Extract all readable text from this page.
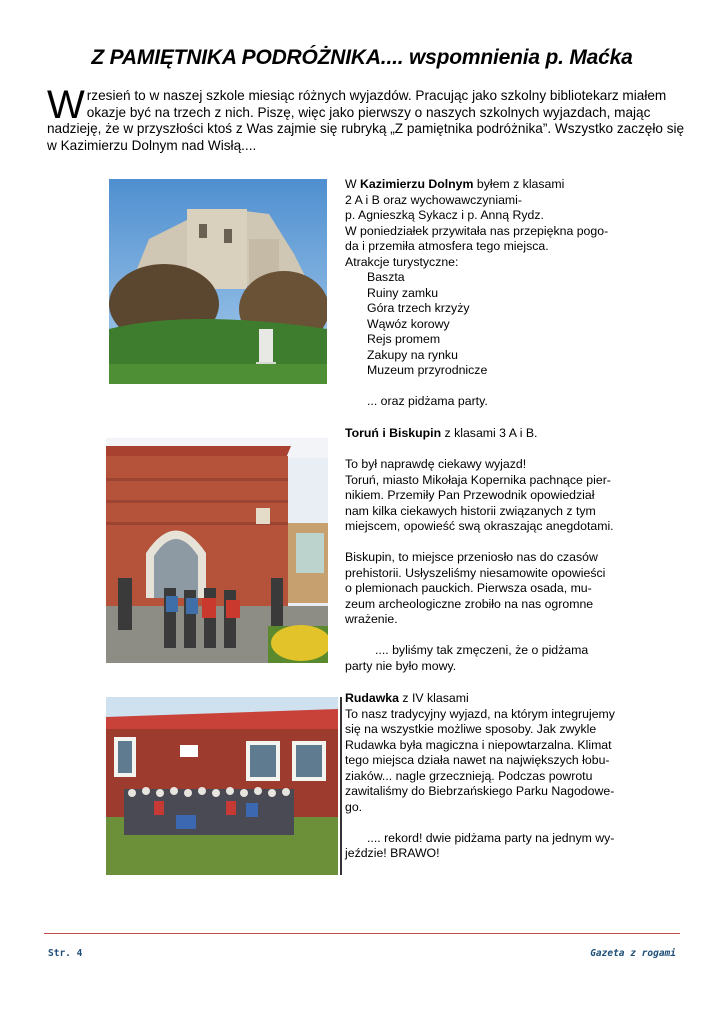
Z PAMIĘTNIKA PODRÓŻNIKA.... wspomnienia p. Maćka
Wrzesień to w naszej szkole miesiąc różnych wyjazdów. Pracując jako szkolny bibliotekarz miałem okazje być na trzech z nich. Piszę, więc jako pierwszy o naszych szkolnych wyjazdach, mając nadzieję, że w przyszłości ktoś z Was zajmie się rubryką „Z pamiętnika podróżnika”. Wszystko zaczęło się w Kazimierzu Dolnym nad Wisłą....

W Kazimierzu Dolnym byłem z klasami

2 A i B oraz wychowawczyniami-

p. Agnieszką Sykacz i p. Anną Rydz.

W poniedziałek przywitała nas przepiękna pogo-

da i przemiła atmosfera tego miejsca.

Atrakcje turystyczne:

Baszta

Ruiny zamku

Góra trzech krzyży

Wąwóz korowy

Rejs promem

Zakupy na rynku

Muzeum przyrodnicze

... oraz pidżama party.

Toruń i Biskupin z klasami 3 A i B.

To był naprawdę ciekawy wyjazd!

Toruń, miasto Mikołaja Kopernika pachnące pier-

nikiem. Przemiły Pan Przewodnik opowiedział

nam kilka ciekawych historii związanych z tym

miejscem, opowieść swą okraszając anegdotami.

Biskupin, to miejsce przeniosło nas do czasów

prehistorii. Usłyszeliśmy niesamowite opowieści

o plemionach pauckich. Pierwsza osada, mu-

zeum archeologiczne zrobiło na nas ogromne

wrażenie.

.... byliśmy tak zmęczeni, że o pidżama

party nie było mowy.

Rudawka z IV klasami

To nasz tradycyjny wyjazd, na którym integrujemy

się na wszystkie możliwe sposoby. Jak zwykle

Rudawka była magiczna i niepowtarzalna. Klimat

tego miejsca działa nawet na największych łobu-

ziaków... nagle grzecznieją. Podczas powrotu

zawitaliśmy do Biebrzańskiego Parku Nagodowe-

go.

.... rekord! dwie pidżama party na jednym wy-

jeździe! BRAWO!

Str. 4	Gazeta z rogami
